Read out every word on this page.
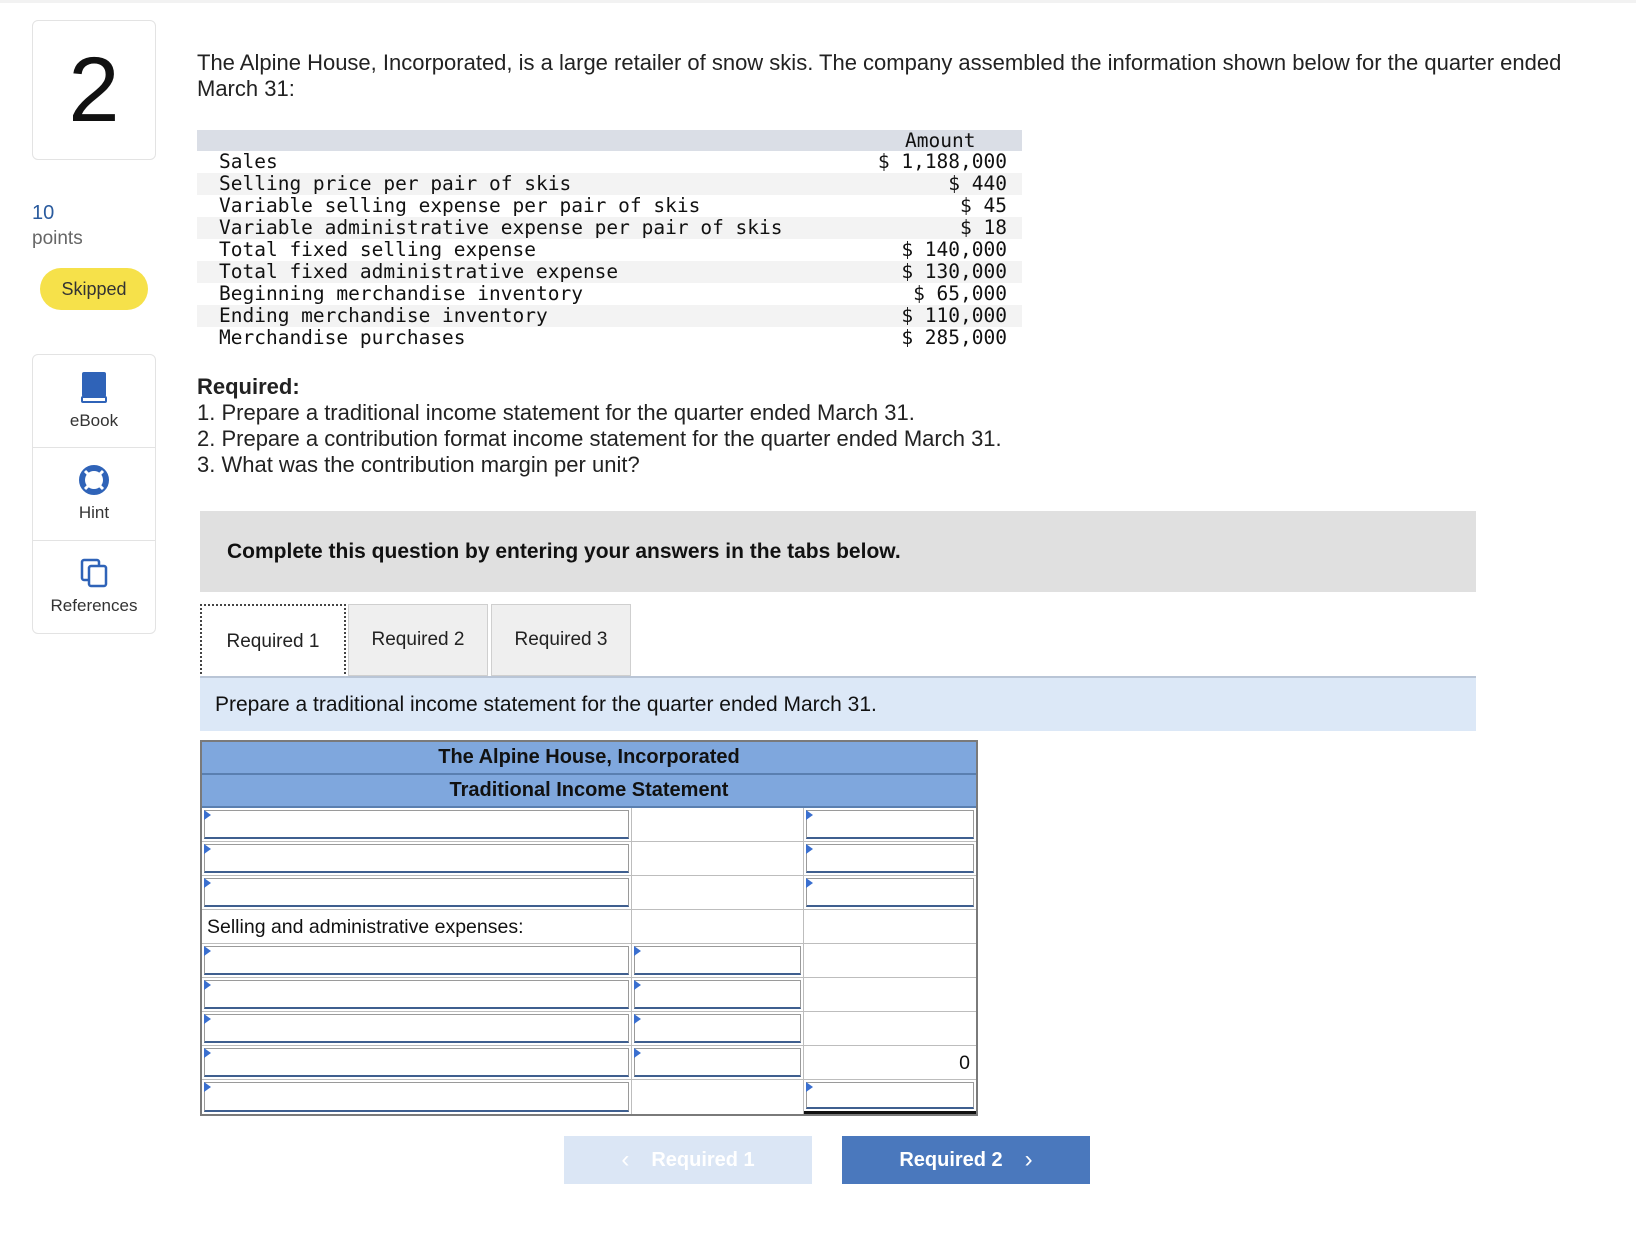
2
10
points
Skipped
eBook
Hint
References
The Alpine House, Incorporated, is a large retailer of snow skis. The company assembled the information shown below for the quarter ended March 31:
Amount
Sales	$ 1,188,000
Selling price per pair of skis	$ 440
Variable selling expense per pair of skis	$ 45
Variable administrative expense per pair of skis	$ 18
Total fixed selling expense	$ 140,000
Total fixed administrative expense	$ 130,000
Beginning merchandise inventory	$ 65,000
Ending merchandise inventory	$ 110,000
Merchandise purchases	$ 285,000
Required:
1. Prepare a traditional income statement for the quarter ended March 31.
2. Prepare a contribution format income statement for the quarter ended March 31.
3. What was the contribution margin per unit?
Complete this question by entering your answers in the tabs below.
Required 1	Required 2	Required 3
Prepare a traditional income statement for the quarter ended March 31.
The Alpine House, Incorporated
Traditional Income Statement
Selling and administrative expenses:
0
‹ Required 1	Required 2 ›
